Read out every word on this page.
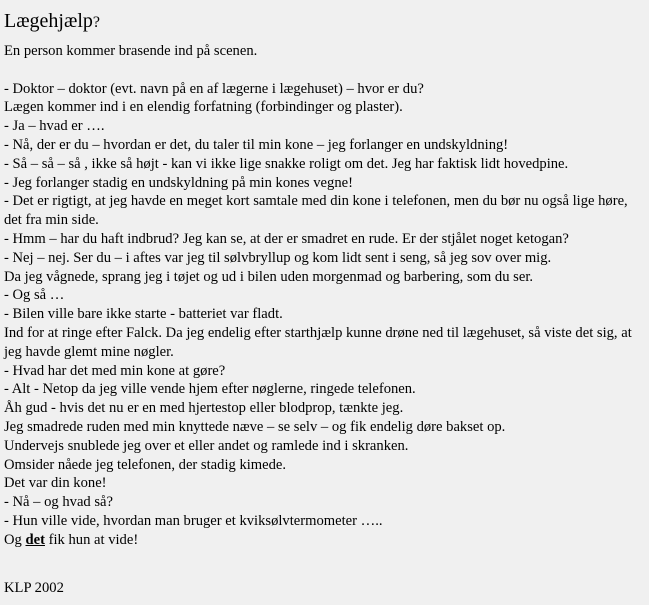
Lægehjælp?

En person kommer brasende ind på scenen.

- Doktor – doktor (evt. navn på en af lægerne i lægehuset) – hvor er du?

Lægen kommer ind i en elendig forfatning (forbindinger og plaster).

- Ja – hvad er ….

- Nå, der er du – hvordan er det, du taler til min kone – jeg forlanger en undskyldning!

- Så – så – så , ikke så højt - kan vi ikke lige snakke roligt om det. Jeg har faktisk lidt hovedpine.

- Jeg forlanger stadig en undskyldning på min kones vegne!

- Det er rigtigt, at jeg havde en meget kort samtale med din kone i telefonen, men du bør nu også lige høre, det fra min side.

- Hmm – har du haft indbrud? Jeg kan se, at der er smadret en rude. Er der stjålet noget ketogan?

- Nej – nej. Ser du – i aftes var jeg til sølvbryllup og kom lidt sent i seng, så jeg sov over mig.

Da jeg vågnede, sprang jeg i tøjet og ud i bilen uden morgenmad og barbering, som du ser.

- Og så …

- Bilen ville bare ikke starte - batteriet var fladt.

Ind for at ringe efter Falck. Da jeg endelig efter starthjælp kunne drøne ned til lægehuset, så viste det sig, at jeg havde glemt mine nøgler.

- Hvad har det med min kone at gøre?

- Alt - Netop da jeg ville vende hjem efter nøglerne, ringede telefonen.

Åh gud - hvis det nu er en med hjertestop eller blodprop, tænkte jeg.

Jeg smadrede ruden med min knyttede næve – se selv – og fik endelig døre bakset op.

Undervejs snublede jeg over et eller andet og ramlede ind i skranken.

Omsider nåede jeg telefonen, der stadig kimede.

Det var din kone!

- Nå – og hvad så?

- Hun ville vide, hvordan man bruger et kviksølvtermometer …..

Og det fik hun at vide!

KLP 2002
